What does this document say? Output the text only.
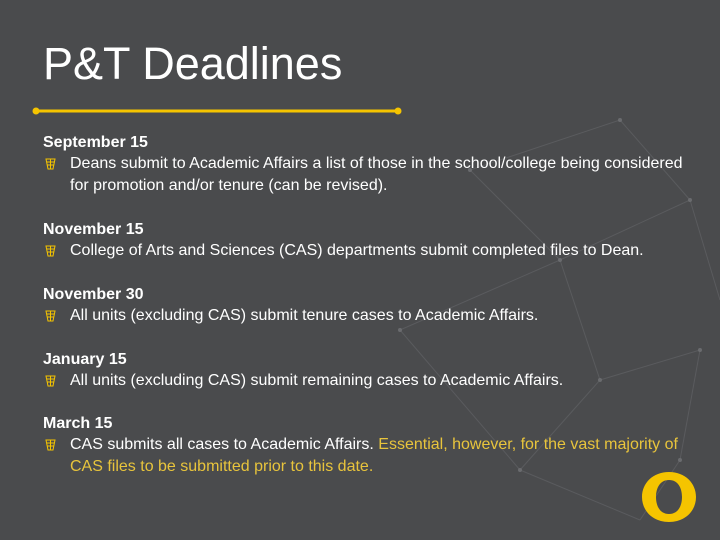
P&T Deadlines
September 15
Deans submit to Academic Affairs a list of those in the school/college being considered for promotion and/or tenure (can be revised).
November 15
College of Arts and Sciences (CAS) departments submit completed files to Dean.
November 30
All units (excluding CAS) submit tenure cases to Academic Affairs.
January 15
All units (excluding CAS) submit remaining cases to Academic Affairs.
March 15
CAS submits all cases to Academic Affairs. Essential, however, for the vast majority of CAS files to be submitted prior to this date.
